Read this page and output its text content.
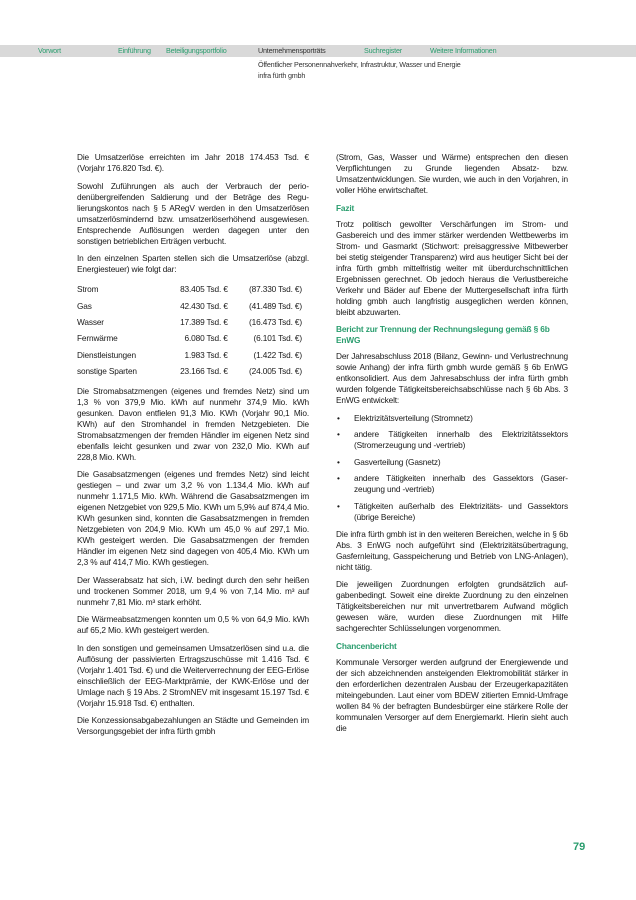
Vorwort	Einführung Beteiligungsportfolio	Unternehmensporträts	Suchregister	Weitere Informationen
Öffentlicher Personennahverkehr, Infrastruktur, Wasser und Energie
infra fürth gmbh

Die Umsatzerlöse erreichten im Jahr 2018 174.453 Tsd. € (Vorjahr 176.820 Tsd. €).

Sowohl Zuführungen als auch der Verbrauch der periodenübergreifenden Saldierung und der Beträge des Regulierungskontos nach § 5 ARegV werden in den Umsatzerlösen umsatzerlösmindernd bzw. umsatzerlöserhöhend ausgewiesen. Entsprechende Auflösungen werden dagegen unter den sonstigen betrieblichen Erträgen verbucht.

In den einzelnen Sparten stellen sich die Umsatzerlöse (abzgl. Energiesteuer) wie folgt dar:

Strom	83.405 Tsd. €	(87.330 Tsd. €)
Gas	42.430 Tsd. €	(41.489 Tsd. €)
Wasser	17.389 Tsd. €	(16.473 Tsd. €)
Fernwärme	6.080 Tsd. €	(6.101 Tsd. €)
Dienstleistungen	1.983 Tsd. €	(1.422 Tsd. €)
sonstige Sparten	23.166 Tsd. €	(24.005 Tsd. €)

Die Stromabsatzmengen (eigenes und fremdes Netz) sind um 1,3 % von 379,9 Mio. kWh auf nunmehr 374,9 Mio. kWh gesunken. Davon entfielen 91,3 Mio. KWh (Vorjahr 90,1 Mio. KWh) auf den Stromhandel in fremden Netzgebieten. Die Stromabsatzmengen der fremden Händler im eigenen Netz sind ebenfalls leicht gesunken und zwar von 232,0 Mio. KWh auf 228,8 Mio. KWh.

Die Gasabsatzmengen (eigenes und fremdes Netz) sind leicht gestiegen – und zwar um 3,2 % von 1.134,4 Mio. kWh auf nunmehr 1.171,5 Mio. kWh. Während die Gasabsatzmengen im eigenen Netzgebiet von 929,5 Mio. KWh um 5,9% auf 874,4 Mio. KWh gesunken sind, konnten die Gasabsatzmengen in fremden Netzgebieten von 204,9 Mio. KWh um 45,0 % auf 297,1 Mio. KWh gesteigert werden. Die Gasabsatzmengen der fremden Händler im eigenen Netz sind dagegen von 405,4 Mio. KWh um 2,3 % auf 414,7 Mio. KWh gestiegen.

Der Wasserabsatz hat sich, i.W. bedingt durch den sehr heißen und trockenen Sommer 2018, um 9,4 % von 7,14 Mio. m³ auf nunmehr 7,81 Mio. m³ stark erhöht.

Die Wärmeabsatzmengen konnten um 0,5 % von 64,9 Mio. kWh auf 65,2 Mio. kWh gesteigert werden.

In den sonstigen und gemeinsamen Umsatzerlösen sind u.a. die Auflösung der passivierten Ertragszuschüsse mit 1.416 Tsd. € (Vorjahr 1.401 Tsd. €) und die Weiterverrechnung der EEG-Erlöse einschließlich der EEG-Marktprämie, der KWK-Erlöse und der Umlage nach § 19 Abs. 2 StromNEV mit insgesamt 15.197 Tsd. € (Vorjahr 15.918 Tsd. €) enthalten.

Die Konzessionsabgabezahlungen an Städte und Gemeinden im Versorgungsgebiet der infra fürth gmbh

(Strom, Gas, Wasser und Wärme) entsprechen den diesen Verpflichtungen zu Grunde liegenden Absatz- bzw. Umsatzentwicklungen. Sie wurden, wie auch in den Vorjahren, in voller Höhe erwirtschaftet.

Fazit

Trotz politisch gewollter Verschärfungen im Strom- und Gasbereich und des immer stärker werdenden Wettbewerbs im Strom- und Gasmarkt (Stichwort: preisaggressive Mitbewerber bei stetig steigender Transparenz) wird aus heutiger Sicht bei der infra fürth gmbh mittelfristig weiter mit überdurchschnittlichen Ergebnissen gerechnet. Ob jedoch hieraus die Verlustbereiche Verkehr und Bäder auf Ebene der Muttergesellschaft infra fürth holding gmbh auch langfristig ausgeglichen werden können, bleibt abzuwarten.

Bericht zur Trennung der Rechnungslegung gemäß § 6b EnWG

Der Jahresabschluss 2018 (Bilanz, Gewinn- und Verlustrechnung sowie Anhang) der infra fürth gmbh wurde gemäß § 6b EnWG entkonsolidiert. Aus dem Jahresabschluss der infra fürth gmbh wurden folgende Tätigkeitsbereichsabschlüsse nach § 6b Abs. 3 EnWG entwickelt:

• Elektrizitätsverteilung (Stromnetz)
• andere Tätigkeiten innerhalb des Elektrizitätssektors (Stromerzeugung und -vertrieb)
• Gasverteilung (Gasnetz)
• andere Tätigkeiten innerhalb des Gassektors (Gaserzeugung und -vertrieb)
• Tätigkeiten außerhalb des Elektrizitäts- und Gassektors (übrige Bereiche)

Die infra fürth gmbh ist in den weiteren Bereichen, welche in § 6b Abs. 3 EnWG noch aufgeführt sind (Elektrizitätsübertragung, Gasfernleitung, Gasspeicherung und Betrieb von LNG-Anlagen), nicht tätig.

Die jeweiligen Zuordnungen erfolgten grundsätzlich aufgabenbedingt. Soweit eine direkte Zuordnung zu den einzelnen Tätigkeitsbereichen nur mit unvertretbarem Aufwand möglich gewesen wäre, wurden diese Zuordnungen mit Hilfe sachgerechter Schlüsselungen vorgenommen.

Chancenbericht

Kommunale Versorger werden aufgrund der Energiewende und der sich abzeichnenden ansteigenden Elektromobilität stärker in den erforderlichen dezentralen Ausbau der Erzeugerkapazitäten miteingebunden. Laut einer vom BDEW zitierten Emnid-Umfrage wollen 84 % der befragten Bundesbürger eine stärkere Rolle der kommunalen Versorger auf dem Energiemarkt. Hierin sieht auch die

79
